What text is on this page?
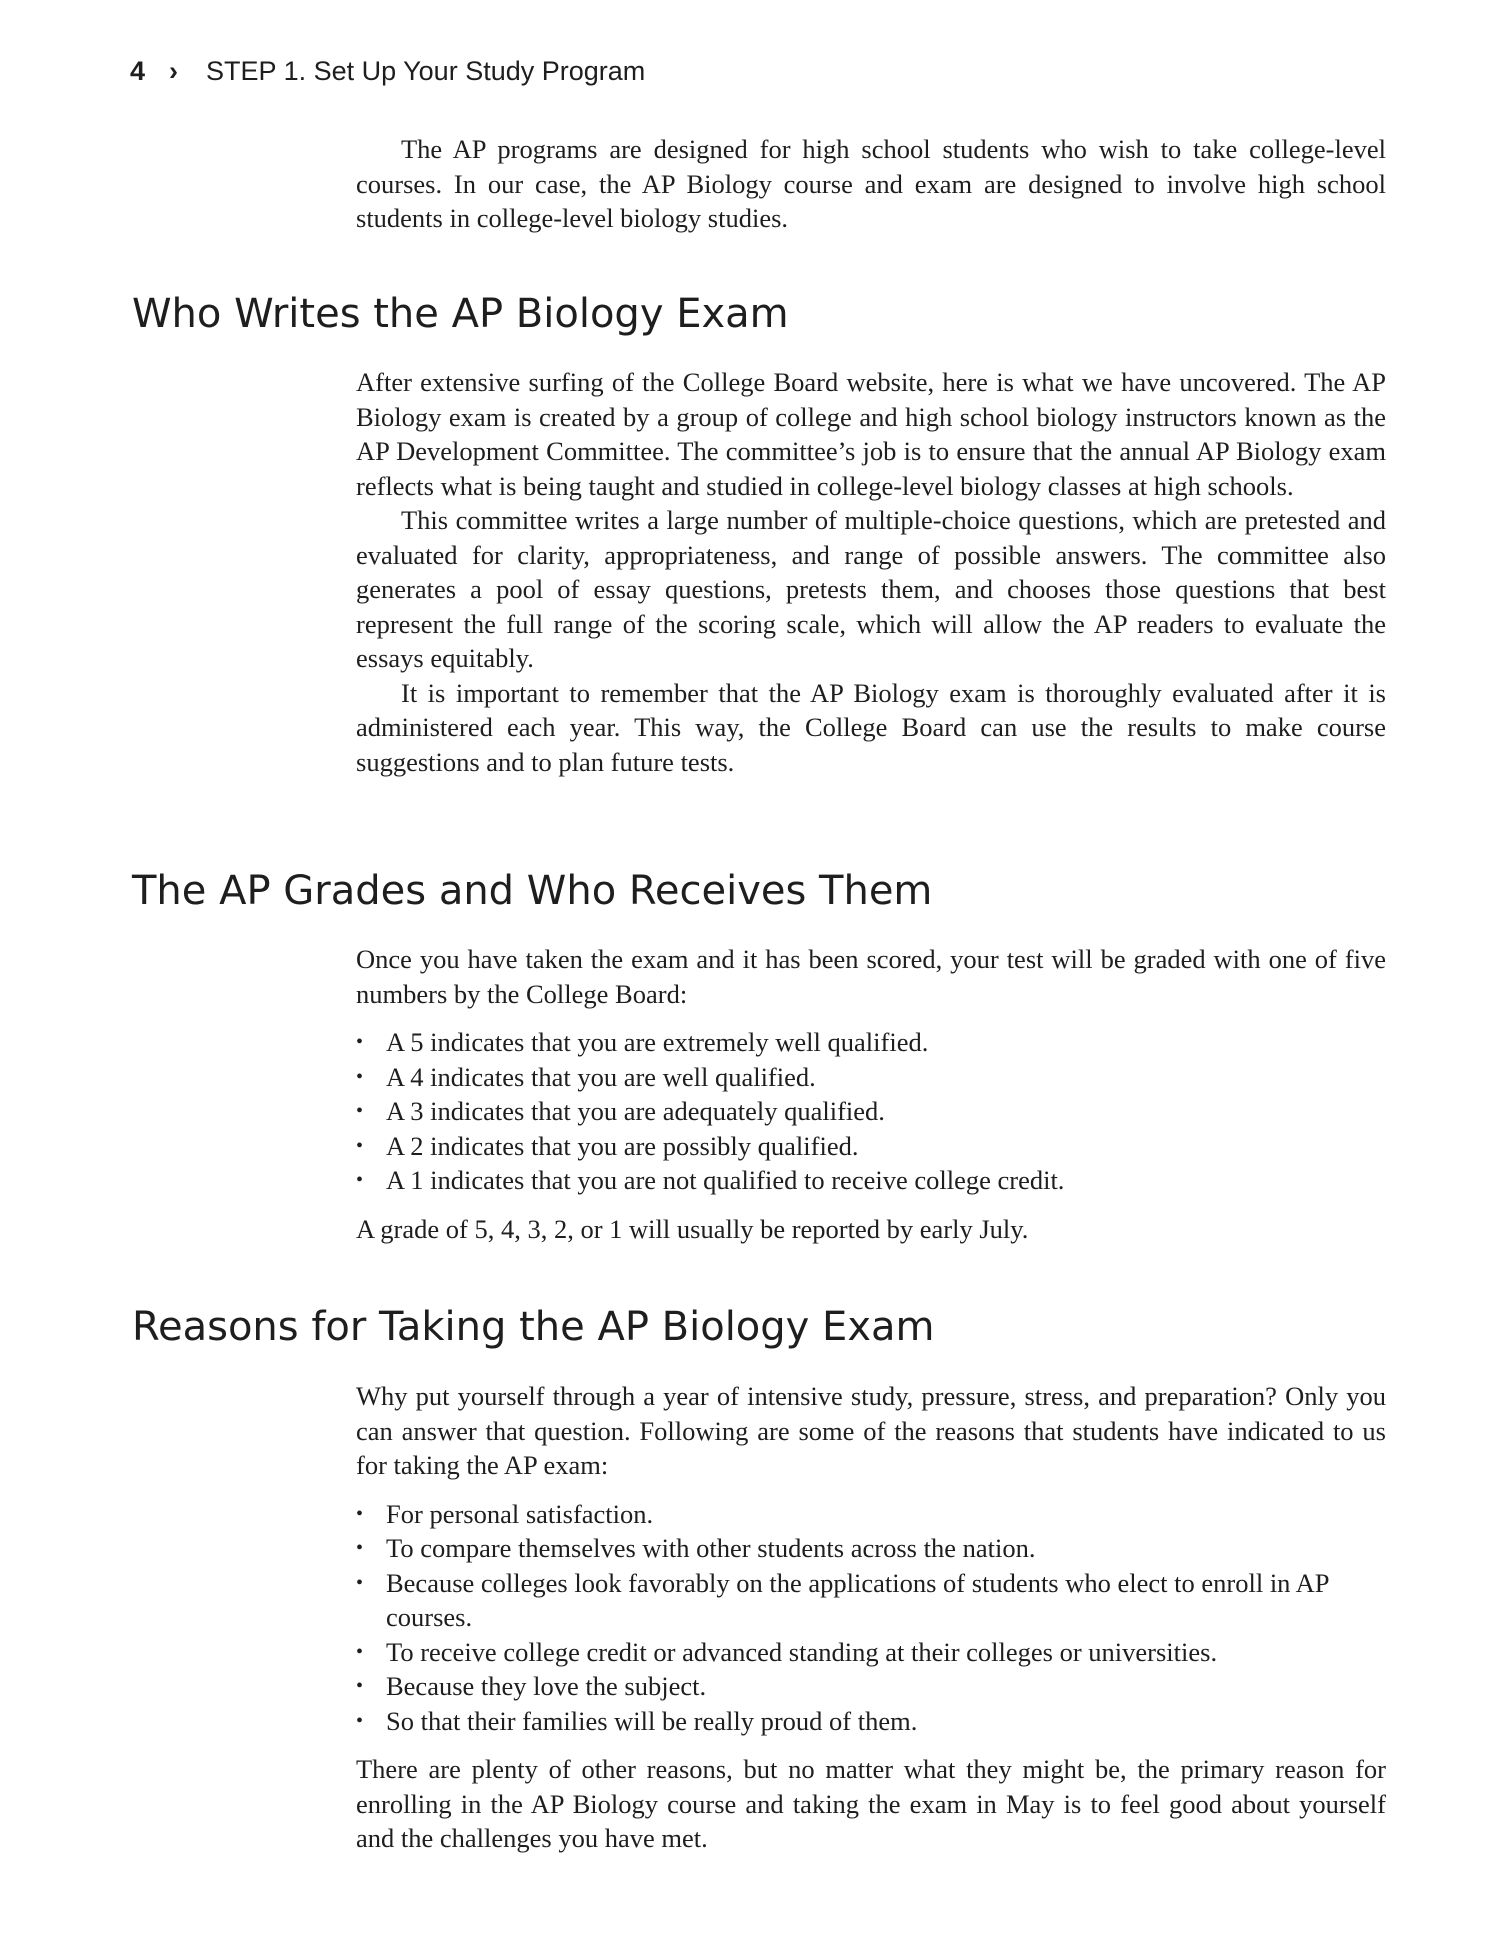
4 › STEP 1. Set Up Your Study Program

The AP programs are designed for high school students who wish to take college-level courses. In our case, the AP Biology course and exam are designed to involve high school students in college-level biology studies.

Who Writes the AP Biology Exam

After extensive surfing of the College Board website, here is what we have uncovered. The AP Biology exam is created by a group of college and high school biology instructors known as the AP Development Committee. The committee’s job is to ensure that the annual AP Biology exam reflects what is being taught and studied in college-level biology classes at high schools.

This committee writes a large number of multiple-choice questions, which are pretested and evaluated for clarity, appropriateness, and range of possible answers. The committee also generates a pool of essay questions, pretests them, and chooses those questions that best represent the full range of the scoring scale, which will allow the AP readers to evaluate the essays equitably.

It is important to remember that the AP Biology exam is thoroughly evaluated after it is administered each year. This way, the College Board can use the results to make course suggestions and to plan future tests.

The AP Grades and Who Receives Them

Once you have taken the exam and it has been scored, your test will be graded with one of five numbers by the College Board:

• A 5 indicates that you are extremely well qualified.
• A 4 indicates that you are well qualified.
• A 3 indicates that you are adequately qualified.
• A 2 indicates that you are possibly qualified.
• A 1 indicates that you are not qualified to receive college credit.

A grade of 5, 4, 3, 2, or 1 will usually be reported by early July.

Reasons for Taking the AP Biology Exam

Why put yourself through a year of intensive study, pressure, stress, and preparation? Only you can answer that question. Following are some of the reasons that students have indicated to us for taking the AP exam:

• For personal satisfaction.
• To compare themselves with other students across the nation.
• Because colleges look favorably on the applications of students who elect to enroll in AP courses.
• To receive college credit or advanced standing at their colleges or universities.
• Because they love the subject.
• So that their families will be really proud of them.

There are plenty of other reasons, but no matter what they might be, the primary reason for enrolling in the AP Biology course and taking the exam in May is to feel good about yourself and the challenges you have met.
